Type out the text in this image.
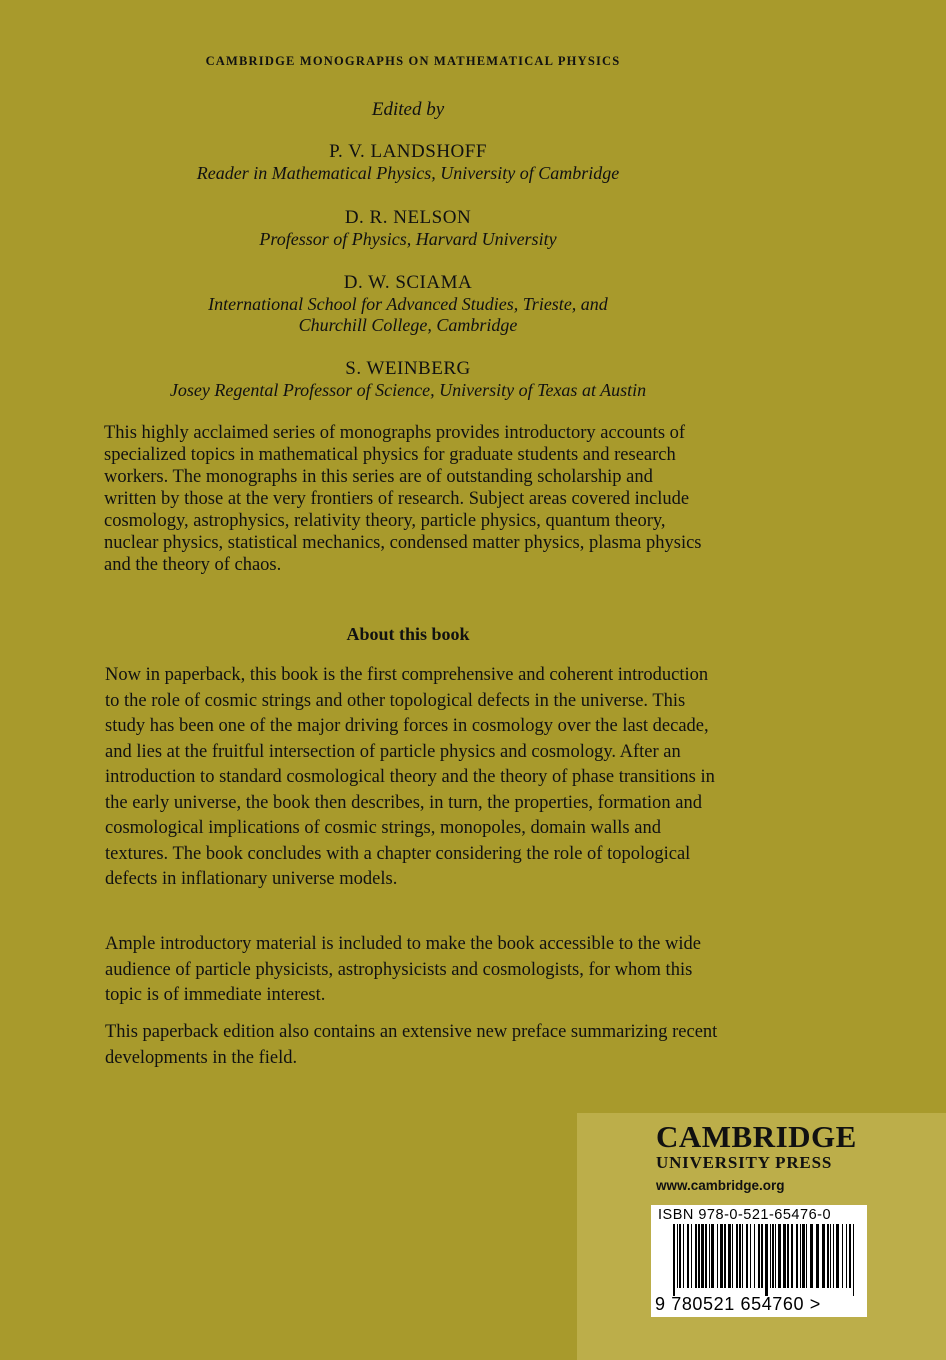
CAMBRIDGE MONOGRAPHS ON MATHEMATICAL PHYSICS
Edited by
P. V. LANDSHOFF
Reader in Mathematical Physics, University of Cambridge
D. R. NELSON
Professor of Physics, Harvard University
D. W. SCIAMA
International School for Advanced Studies, Trieste, and
Churchill College, Cambridge
S. WEINBERG
Josey Regental Professor of Science, University of Texas at Austin

This highly acclaimed series of monographs provides introductory accounts of specialized topics in mathematical physics for graduate students and research workers. The monographs in this series are of outstanding scholarship and written by those at the very frontiers of research. Subject areas covered include cosmology, astrophysics, relativity theory, particle physics, quantum theory, nuclear physics, statistical mechanics, condensed matter physics, plasma physics and the theory of chaos.

About this book

Now in paperback, this book is the first comprehensive and coherent introduction to the role of cosmic strings and other topological defects in the universe. This study has been one of the major driving forces in cosmology over the last decade, and lies at the fruitful intersection of particle physics and cosmology. After an introduction to standard cosmological theory and the theory of phase transitions in the early universe, the book then describes, in turn, the properties, formation and cosmological implications of cosmic strings, monopoles, domain walls and textures. The book concludes with a chapter considering the role of topological defects in inflationary universe models.

Ample introductory material is included to make the book accessible to the wide audience of particle physicists, astrophysicists and cosmologists, for whom this topic is of immediate interest.

This paperback edition also contains an extensive new preface summarizing recent developments in the field.

CAMBRIDGE
UNIVERSITY PRESS
www.cambridge.org
ISBN 978-0-521-65476-0
9 780521 654760 >
